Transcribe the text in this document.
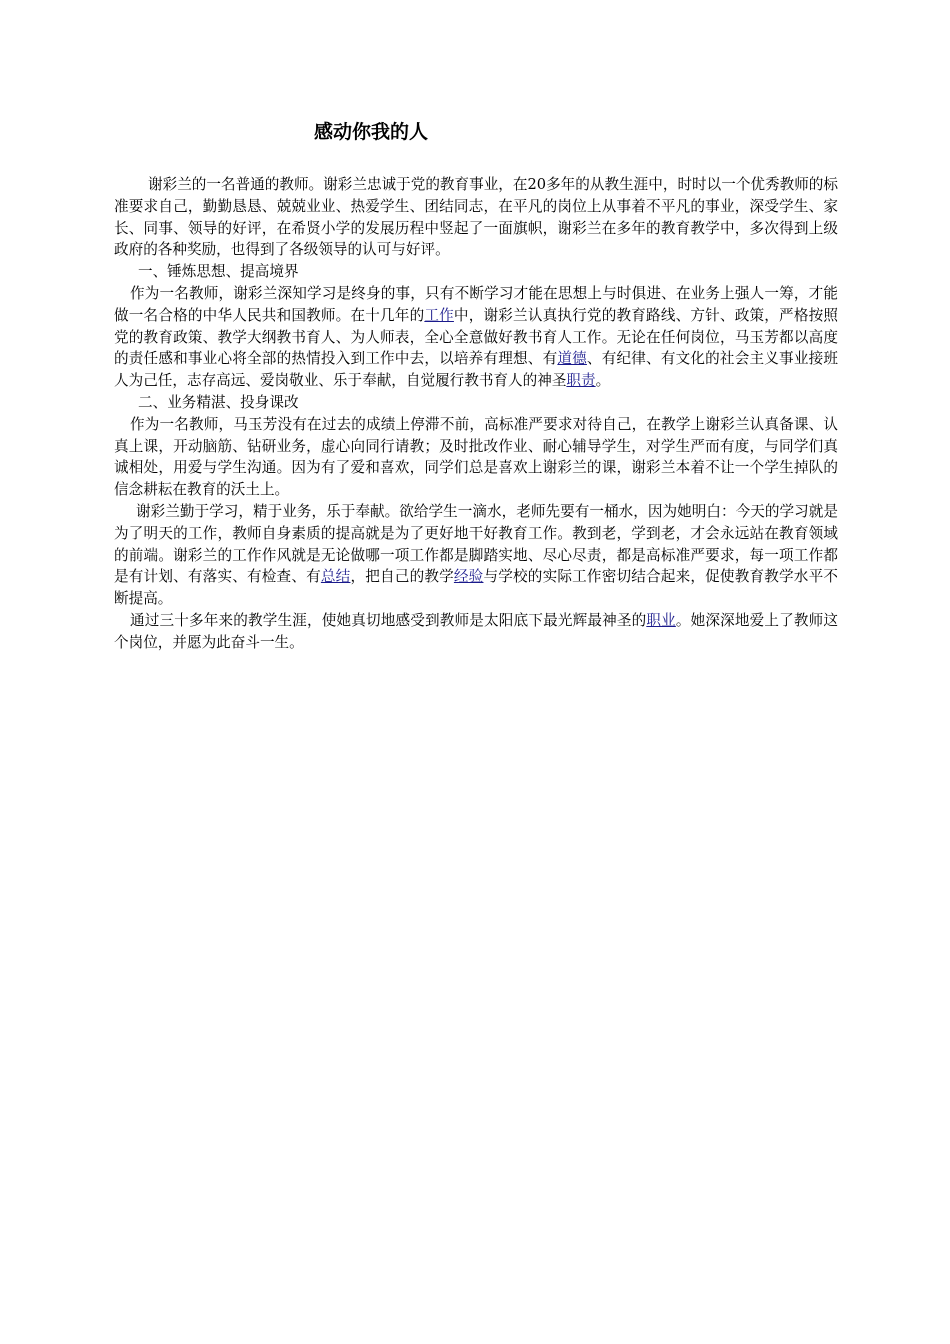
感动你我的人

谢彩兰的一名普通的教师。谢彩兰忠诚于党的教育事业，在20多年的从教生涯中，时时以一个优秀教师的标准要求自己，勤勤恳恳、兢兢业业、热爱学生、团结同志，在平凡的岗位上从事着不平凡的事业，深受学生、家长、同事、领导的好评，在希贤小学的发展历程中竖起了一面旗帜，谢彩兰在多年的教育教学中，多次得到上级政府的各种奖励，也得到了各级领导的认可与好评。

一、锤炼思想、提高境界

作为一名教师，谢彩兰深知学习是终身的事，只有不断学习才能在思想上与时俱进、在业务上强人一筹，才能做一名合格的中华人民共和国教师。在十几年的工作中，谢彩兰认真执行党的教育路线、方针、政策，严格按照党的教育政策、教学大纲教书育人、为人师表，全心全意做好教书育人工作。无论在任何岗位，马玉芳都以高度的责任感和事业心将全部的热情投入到工作中去，以培养有理想、有道德、有纪律、有文化的社会主义事业接班人为己任，志存高远、爱岗敬业、乐于奉献，自觉履行教书育人的神圣职责。

二、业务精湛、投身课改

作为一名教师，马玉芳没有在过去的成绩上停滞不前，高标准严要求对待自己，在教学上谢彩兰认真备课、认真上课，开动脑筋、钻研业务，虚心向同行请教；及时批改作业、耐心辅导学生，对学生严而有度，与同学们真诚相处，用爱与学生沟通。因为有了爱和喜欢，同学们总是喜欢上谢彩兰的课，谢彩兰本着不让一个学生掉队的信念耕耘在教育的沃土上。

谢彩兰勤于学习，精于业务，乐于奉献。欲给学生一滴水，老师先要有一桶水，因为她明白：今天的学习就是为了明天的工作，教师自身素质的提高就是为了更好地干好教育工作。教到老，学到老，才会永远站在教育领域的前端。谢彩兰的工作作风就是无论做哪一项工作都是脚踏实地、尽心尽责，都是高标准严要求，每一项工作都是有计划、有落实、有检查、有总结，把自己的教学经验与学校的实际工作密切结合起来，促使教育教学水平不断提高。

通过三十多年来的教学生涯，使她真切地感受到教师是太阳底下最光辉最神圣的职业。她深深地爱上了教师这个岗位，并愿为此奋斗一生。
